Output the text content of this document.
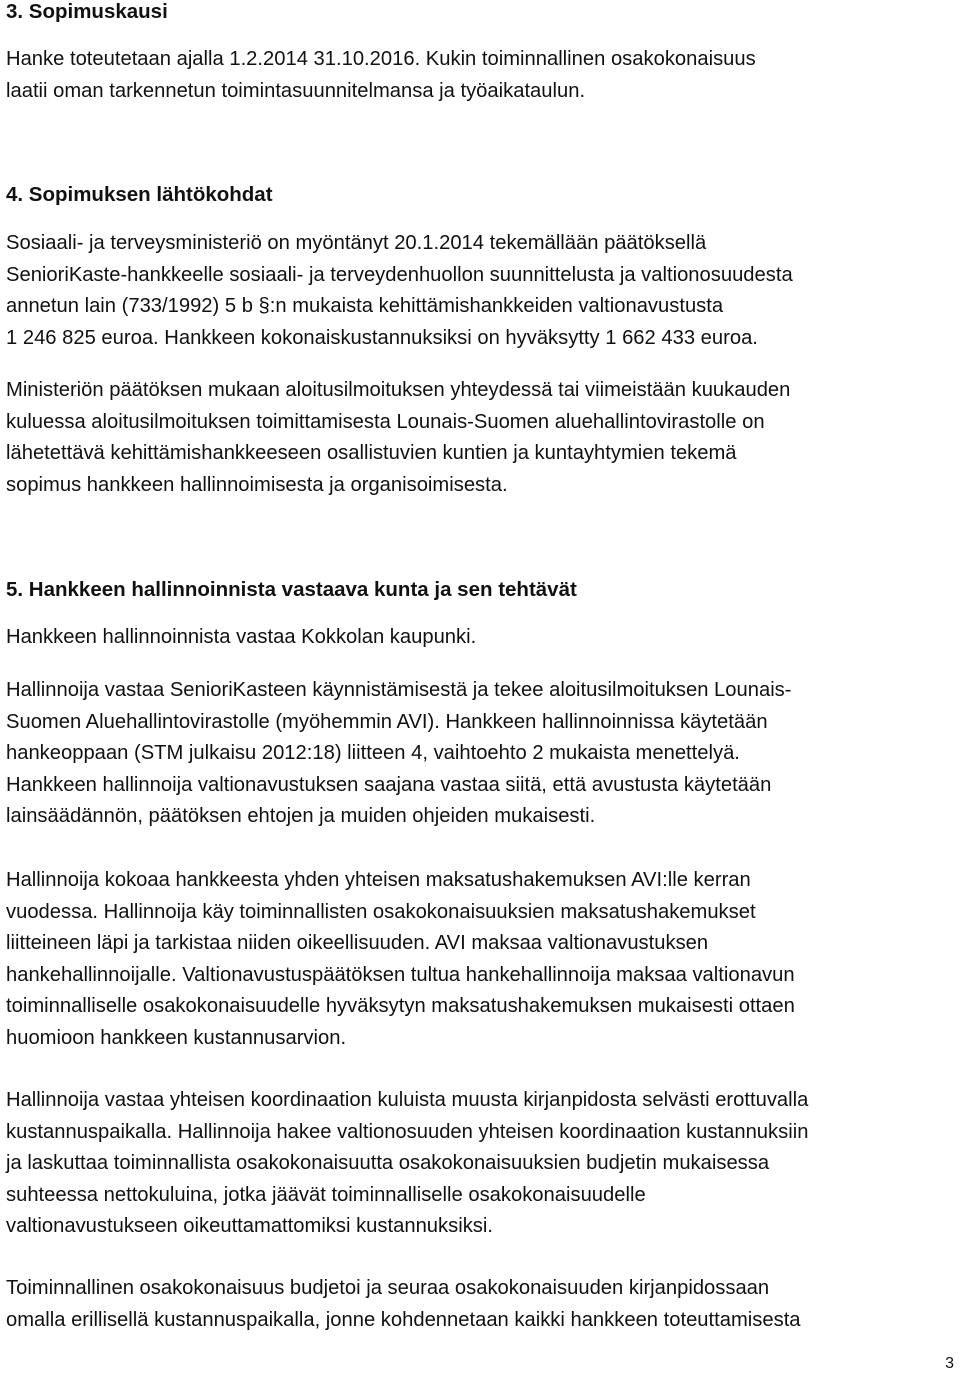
3. Sopimuskausi

Hanke toteutetaan ajalla 1.2.2014 31.10.2016. Kukin toiminnallinen osakokonaisuus
laatii oman tarkennetun toimintasuunnitelmansa ja työaikataulun.

4. Sopimuksen lähtökohdat

Sosiaali- ja terveysministeriö on myöntänyt 20.1.2014 tekemällään päätöksellä
SenioriKaste-hankkeelle sosiaali- ja terveydenhuollon suunnittelusta ja valtionosuudesta
annetun lain (733/1992) 5 b §:n mukaista kehittämishankkeiden valtionavustusta
1 246 825 euroa. Hankkeen kokonaiskustannuksiksi on hyväksytty 1 662 433 euroa.

Ministeriön päätöksen mukaan aloitusilmoituksen yhteydessä tai viimeistään kuukauden
kuluessa aloitusilmoituksen toimittamisesta Lounais-Suomen aluehallintovirastolle on
lähetettävä kehittämishankkeeseen osallistuvien kuntien ja kuntayhtymien tekemä
sopimus hankkeen hallinnoimisesta ja organisoimisesta.

5. Hankkeen hallinnoinnista vastaava kunta ja sen tehtävät

Hankkeen hallinnoinnista vastaa Kokkolan kaupunki.

Hallinnoija vastaa SenioriKasteen käynnistämisestä ja tekee aloitusilmoituksen Lounais-
Suomen Aluehallintovirastolle (myöhemmin AVI). Hankkeen hallinnoinnissa käytetään
hankeoppaan (STM julkaisu 2012:18) liitteen 4, vaihtoehto 2 mukaista menettelyä.
Hankkeen hallinnoija valtionavustuksen saajana vastaa siitä, että avustusta käytetään
lainsäädännön, päätöksen ehtojen ja muiden ohjeiden mukaisesti.

Hallinnoija kokoaa hankkeesta yhden yhteisen maksatushakemuksen AVI:lle kerran
vuodessa. Hallinnoija käy toiminnallisten osakokonaisuuksien maksatushakemukset
liitteineen läpi ja tarkistaa niiden oikeellisuuden. AVI maksaa valtionavustuksen
hankehallinnoijalle. Valtionavustuspäätöksen tultua hankehallinnoija maksaa valtionavun
toiminnalliselle osakokonaisuudelle hyväksytyn maksatushakemuksen mukaisesti ottaen
huomioon hankkeen kustannusarvion.

Hallinnoija vastaa yhteisen koordinaation kuluista muusta kirjanpidosta selvästi erottuvalla
kustannuspaikalla. Hallinnoija hakee valtionosuuden yhteisen koordinaation kustannuksiin
ja laskuttaa toiminnallista osakokonaisuutta osakokonaisuuksien budjetin mukaisessa
suhteessa nettokuluina, jotka jäävät toiminnalliselle osakokonaisuudelle
valtionavustukseen oikeuttamattomiksi kustannuksiksi.

Toiminnallinen osakokonaisuus budjetoi ja seuraa osakokonaisuuden kirjanpidossaan
omalla erillisellä kustannuspaikalla, jonne kohdennetaan kaikki hankkeen toteuttamisesta

3
